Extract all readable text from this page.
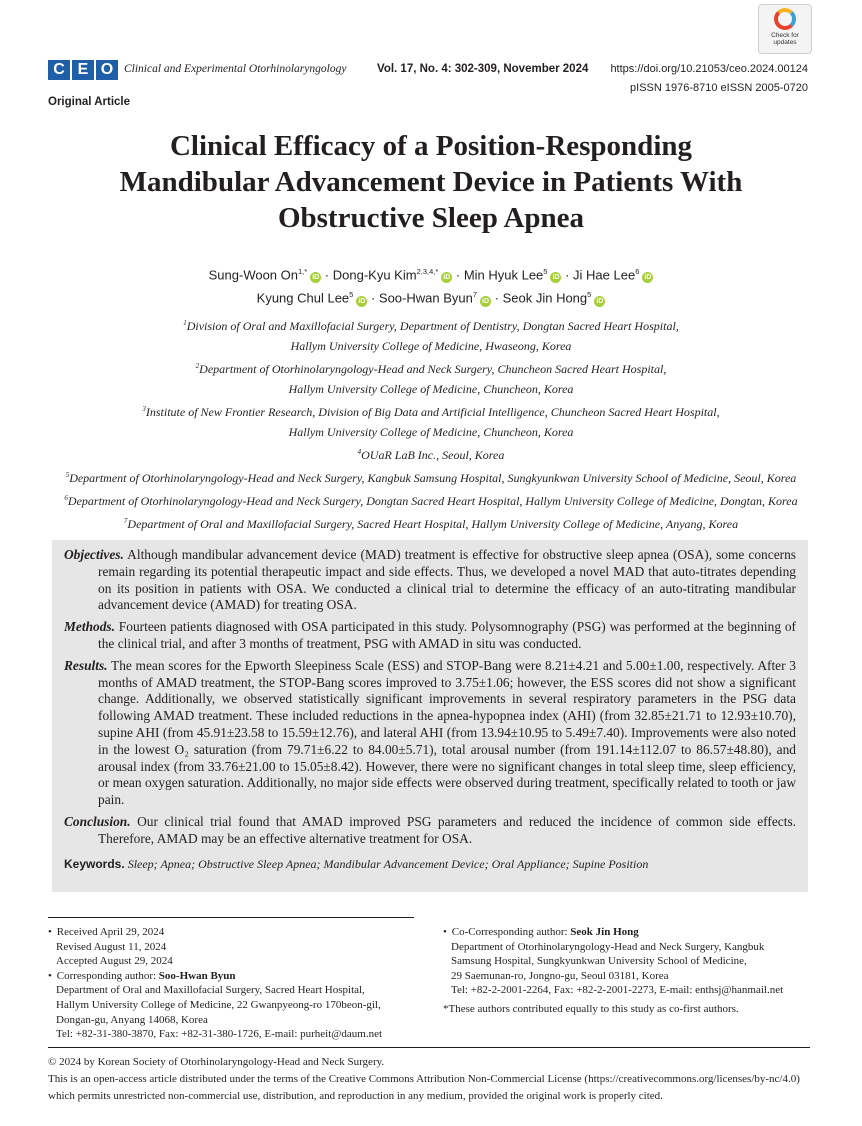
C E O Clinical and Experimental Otorhinolaryngology	Vol. 17, No. 4: 302-309, November 2024 https://doi.org/10.21053/ceo.2024.00124
pISSN 1976-8710 eISSN 2005-0720
Original Article
Check for
updates
Clinical Efficacy of a Position-Responding
Mandibular Advancement Device in Patients With
Obstructive Sleep Apnea
Sung-Woon $On^{1,*}iD$ · Dong-Kyu Kim$^{2,3,4,*}$iD · Min Hyuk Lee$^5$iD · Ji Hae Lee$^6$iD
Kyung Chul Lee$^5$iD · Soo-Hwan Byun$^7$iD · Seok Jin Hong$^5$iD
$^1$Division of Oral and Maxillofacial Surgery, Department of Dentistry, Dongtan Sacred Heart Hospital,
Hallym University College of Medicine, Hwaseong, Korea
$^2$Department of Otorhinolaryngology-Head and Neck Surgery, Chuncheon Sacred Heart Hospital,
Hallym University College of Medicine, Chuncheon, Korea
$^3$Institute of New Frontier Research, Division of Big Data and Artificial Intelligence, Chuncheon Sacred Heart Hospital,
Hallym University College of Medicine, Chuncheon, Korea
$^4$OUaR LaB Inc., Seoul, Korea
$^5$Department of Otorhinolaryngology-Head and Neck Surgery, Kangbuk Samsung Hospital, Sungkyunkwan University School of Medicine, Seoul, Korea
$^6$Department of Otorhinolaryngology-Head and Neck Surgery, Dongtan Sacred Heart Hospital, Hallym University College of Medicine, Dongtan, Korea
$^7$Department of Oral and Maxillofacial Surgery, Sacred Heart Hospital, Hallym University College of Medicine, Anyang, Korea
Objectives. Although mandibular advancement device (MAD) treatment is effective for obstructive sleep apnea (OSA), some concerns remain regarding its potential therapeutic impact and side effects. Thus, we developed a novel MAD that auto-titrates depending on its position in patients with OSA. We conducted a clinical trial to determine the efficacy of an auto-titrating mandibular advancement device (AMAD) for treating OSA.
Methods. Fourteen patients diagnosed with OSA participated in this study. Polysomnography (PSG) was performed at the beginning of the clinical trial, and after 3 months of treatment, PSG with AMAD in situ was conducted.
Results. The mean scores for the Epworth Sleepiness Scale (ESS) and STOP-Bang were 8.21±4.21 and 5.00±1.00, respectively. After 3 months of AMAD treatment, the STOP-Bang scores improved to 3.75±1.06; however, the ESS scores did not show a significant change. Additionally, we observed statistically significant improvements in several respiratory parameters in the PSG data following AMAD treatment. These included reductions in the apnea-hypopnea index (AHI) (from 32.85±21.71 to 12.93±10.70), supine AHI (from 45.91±23.58 to 15.59±12.76), and lateral AHI (from 13.94±10.95 to 5.49±7.40). Improvements were also noted in the lowest O₂ saturation (from 79.71±6.22 to 84.00±5.71), total arousal number (from 191.14±112.07 to 86.57±48.80), and arousal index (from 33.76±21.00 to 15.05±8.42). However, there were no significant changes in total sleep time, sleep efficiency, or mean oxygen saturation. Additionally, no major side effects were observed during treatment, specifically related to tooth or jaw pain.
Conclusion. Our clinical trial found that AMAD improved PSG parameters and reduced the incidence of common side effects. Therefore, AMAD may be an effective alternative treatment for OSA.
Keywords. Sleep; Apnea; Obstructive Sleep Apnea; Mandibular Advancement Device; Oral Appliance; Supine Position
• Received April 29, 2024
Revised August 11, 2024
Accepted August 29, 2024
• Corresponding author: Soo-Hwan Byun
Department of Oral and Maxillofacial Surgery, Sacred Heart Hospital,
Hallym University College of Medicine, 22 Gwanpyeong-ro 170beon-gil,
Dongan-gu, Anyang 14068, Korea
Tel: +82-31-380-3870, Fax: +82-31-380-1726, E-mail: purheit@daum.net
• Co-Corresponding author: Seok Jin Hong
Department of Otorhinolaryngology-Head and Neck Surgery, Kangbuk
Samsung Hospital, Sungkyunkwan University School of Medicine,
29 Saemunan-ro, Jongno-gu, Seoul 03181, Korea
Tel: +82-2-2001-2264, Fax: +82-2-2001-2273, E-mail: enthsj@hanmail.net
*These authors contributed equally to this study as co-first authors.
© 2024 by Korean Society of Otorhinolaryngology-Head and Neck Surgery.
This is an open-access article distributed under the terms of the Creative Commons Attribution Non-Commercial License (https://creativecommons.org/licenses/by-nc/4.0)
which permits unrestricted non-commercial use, distribution, and reproduction in any medium, provided the original work is properly cited.
